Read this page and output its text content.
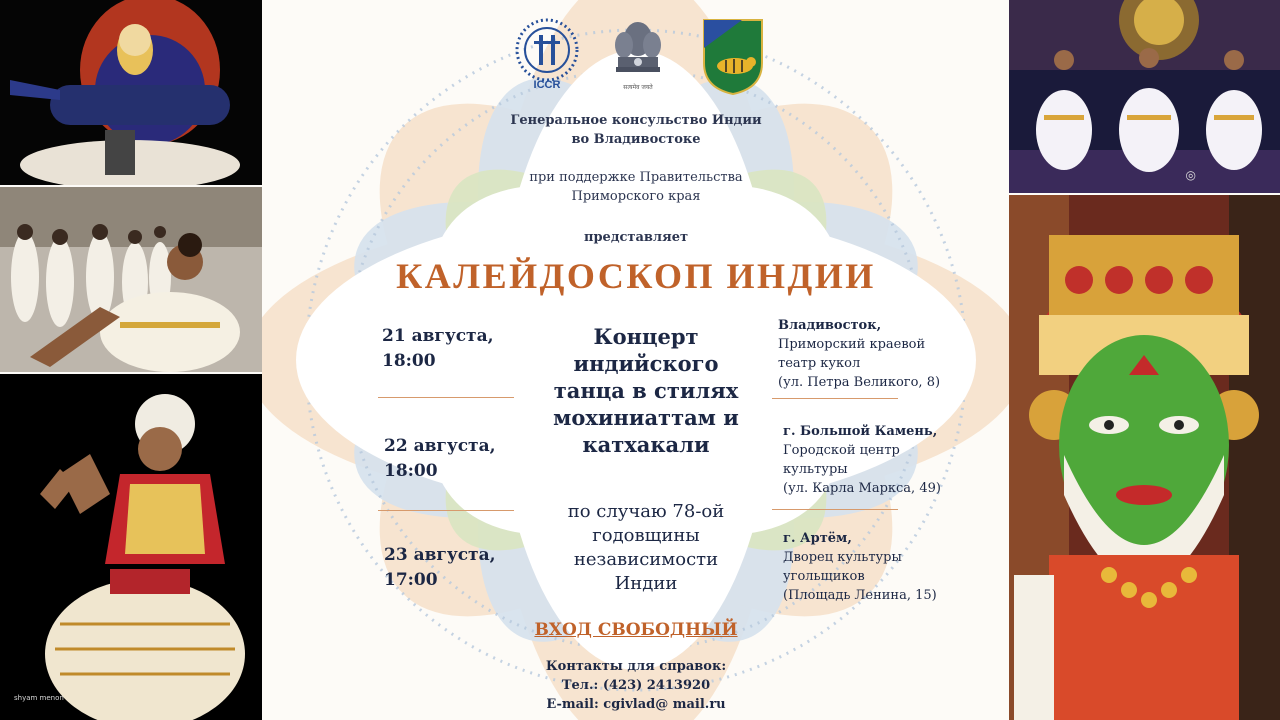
shyam menon
◎
ICCR	सत्यमेव जयते
Генеральное консульство Индии
во Владивостоке
при поддержке Правительства
Приморского края
представляет
КАЛЕЙДОСКОП ИНДИИ
21 августа,
18:00
22 августа,
18:00
23 августа,
17:00
Концерт
индийского
танца в стилях
мохиниаттам и
катхакали
по случаю 78-ой
годовщины
независимости
Индии
Владивосток,
Приморский краевой
театр кукол
(ул. Петра Великого, 8)
г. Большой Камень,
Городской центр
культуры
(ул. Карла Маркса, 49)
г. Артём,
Дворец культуры
угольщиков
(Площадь Ленина, 15)
ВХОД СВОБОДНЫЙ
Контакты для справок:
Тел.: (423) 2413920
E-mail: cgivlad@ mail.ru
